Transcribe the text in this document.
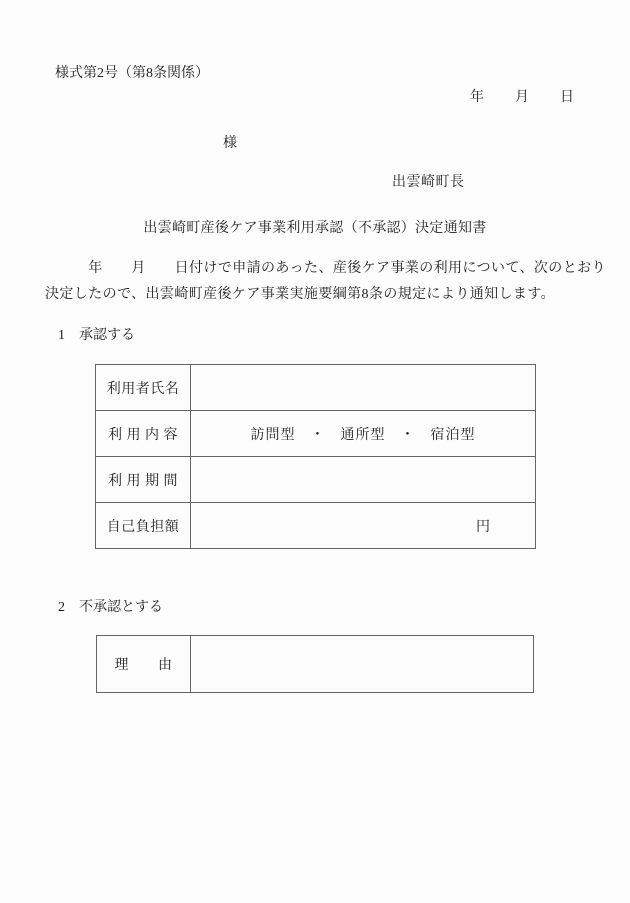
様式第2号（第8条関係）
年　　月　　日
様
出雲崎町長
出雲崎町産後ケア事業利用承認（不承認）決定通知書
　　　年　　月　　日付けで申請のあった、産後ケア事業の利用について、次のとおり
決定したので、出雲崎町産後ケア事業実施要綱第8条の規定により通知します。
1　承認する
利用者氏名	
利 用 内 容	訪問型　・　通所型　・　宿泊型
利 用 期 間	
自己負担額	円
2　不承認とする
理　　由	
